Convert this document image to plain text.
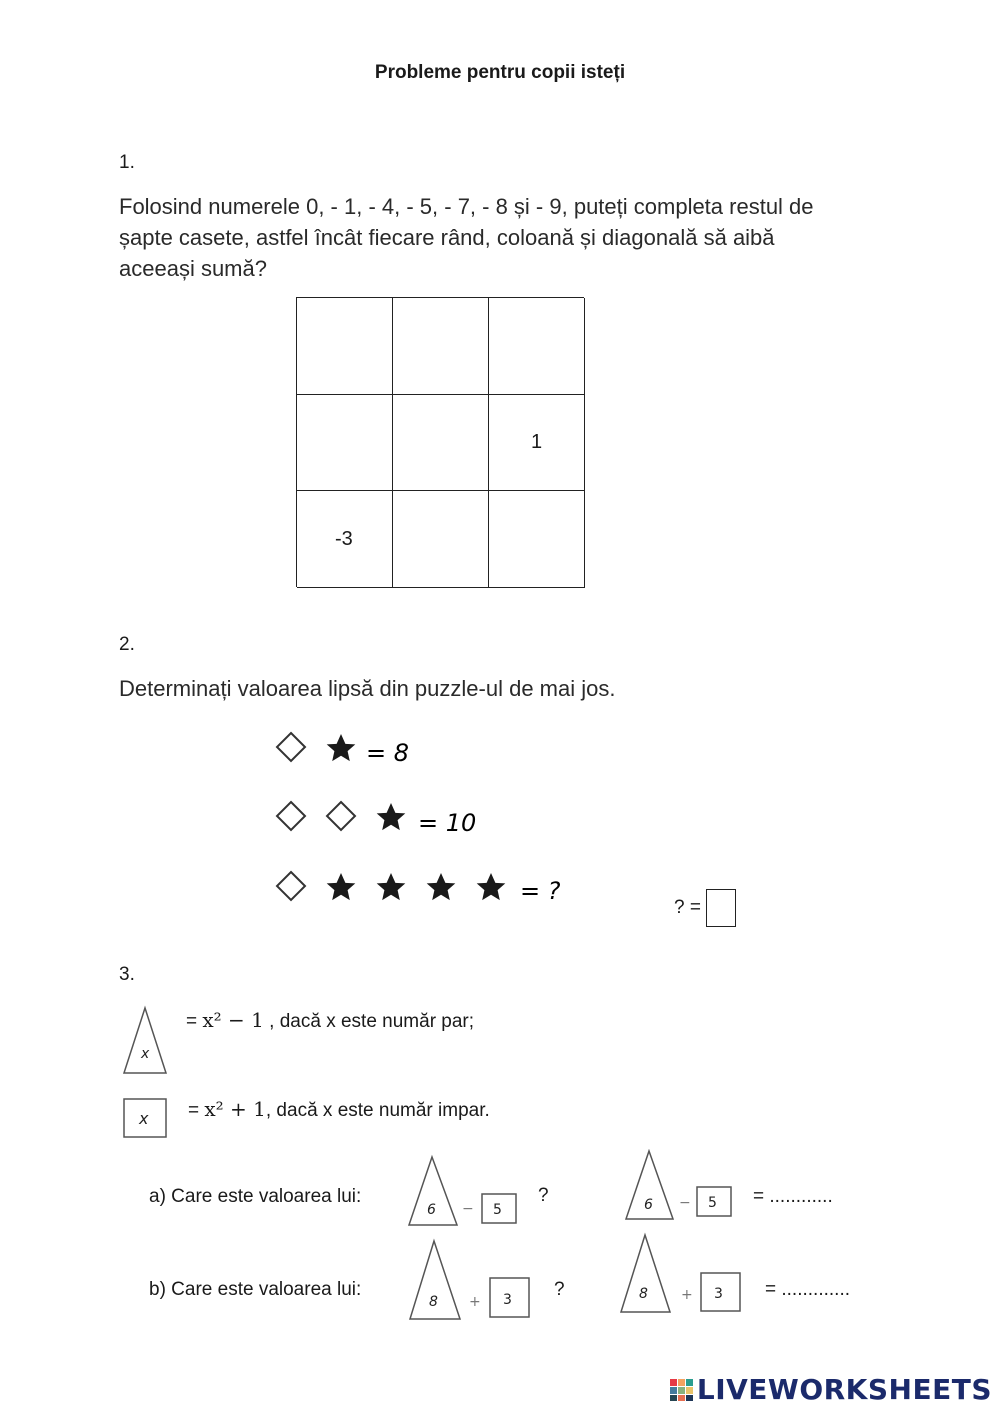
Probleme pentru copii isteți
1.
Folosind numerele 0, - 1, - 4, - 5, - 7, - 8 și - 9, puteți completa restul de
șapte casete, astfel încât fiecare rând, coloană și diagonală să aibă
aceeași sumă?
1
-3
2.
Determinați valoarea lipsă din puzzle-ul de mai jos.
= 8
= 10
= ?
? =
3.
x
= x² − 1 , dacă x este număr par;
x = x² + 1, dacă x este număr impar.
a) Care este valoarea lui:
6 − 5
?	6 − 5 = ............
b) Care este valoarea lui:
8 + 3 ?	8 + 3 = .............
LIVEWORKSHEETS
